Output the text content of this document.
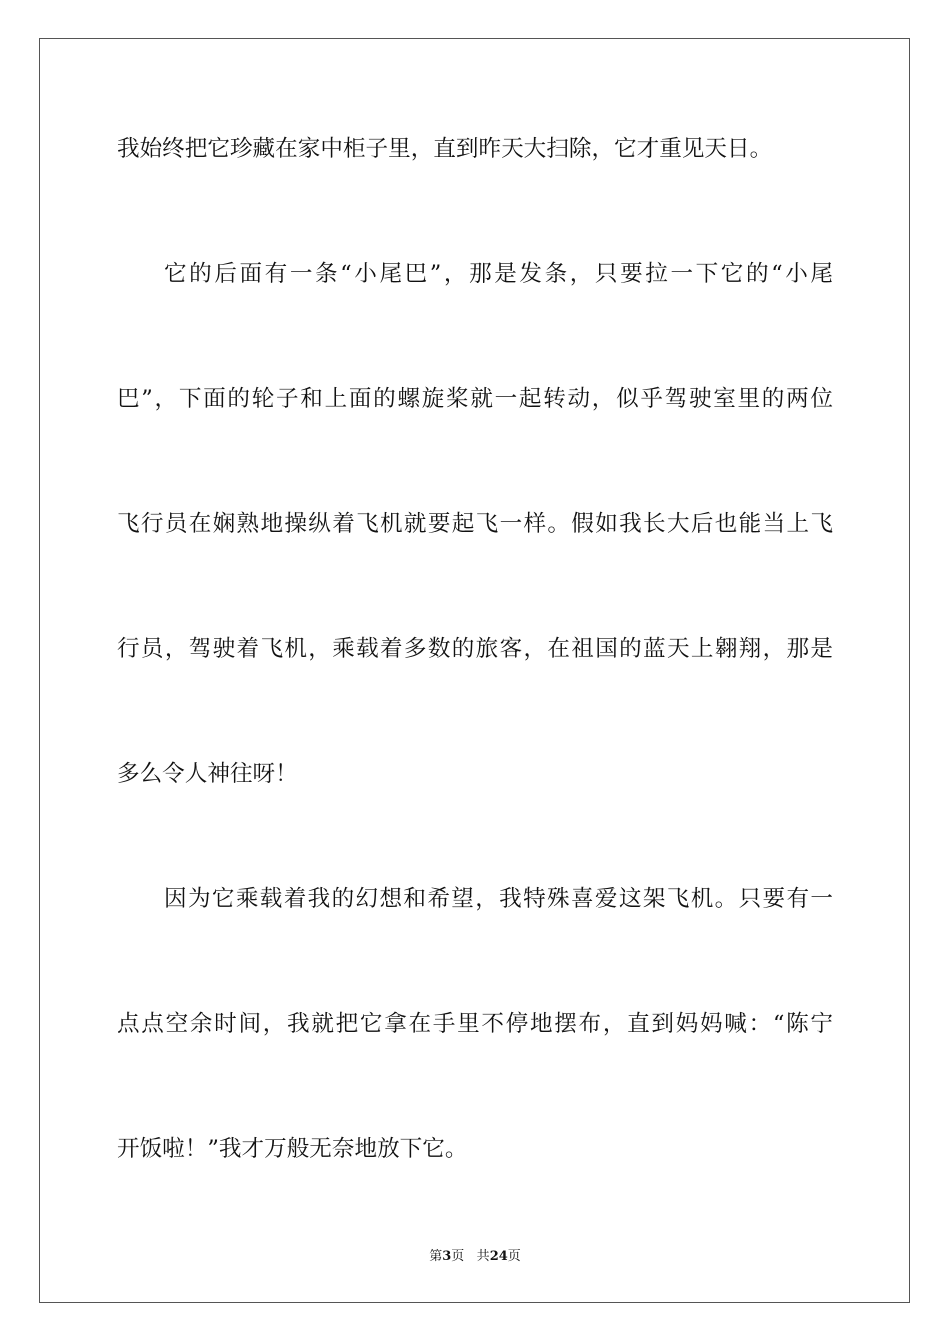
我始终把它珍藏在家中柜子里，直到昨天大扫除，它才重见天日。
它的后面有一条“小尾巴”，那是发条，只要拉一下它的“小尾
巴”，下面的轮子和上面的螺旋桨就一起转动，似乎驾驶室里的两位
飞行员在娴熟地操纵着飞机就要起飞一样。假如我长大后也能当上飞
行员，驾驶着飞机，乘载着多数的旅客，在祖国的蓝天上翱翔，那是
多么令人神往呀！
因为它乘载着我的幻想和希望，我特殊喜爱这架飞机。只要有一
点点空余时间，我就把它拿在手里不停地摆布，直到妈妈喊：“陈宁
开饭啦！”我才万般无奈地放下它。
第3页 共24页
